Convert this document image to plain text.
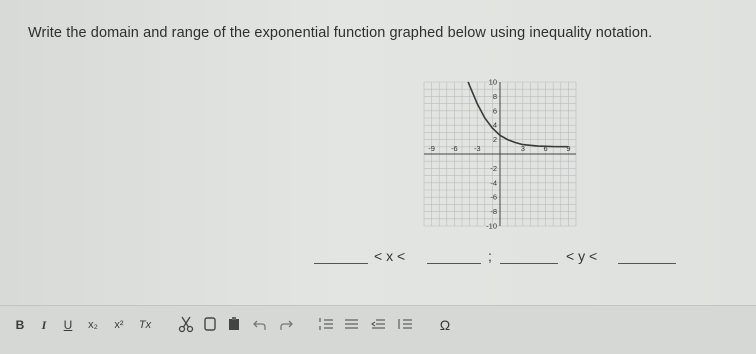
Write the domain and range of the exponential function graphed below using inequality notation.
-9 -6 -3	3 6 9
10
8
6
4
2
-2
-4
-6
-8
-10
< x <	;	< y <
B	I	U	x₂	x²	Tx	Ω
